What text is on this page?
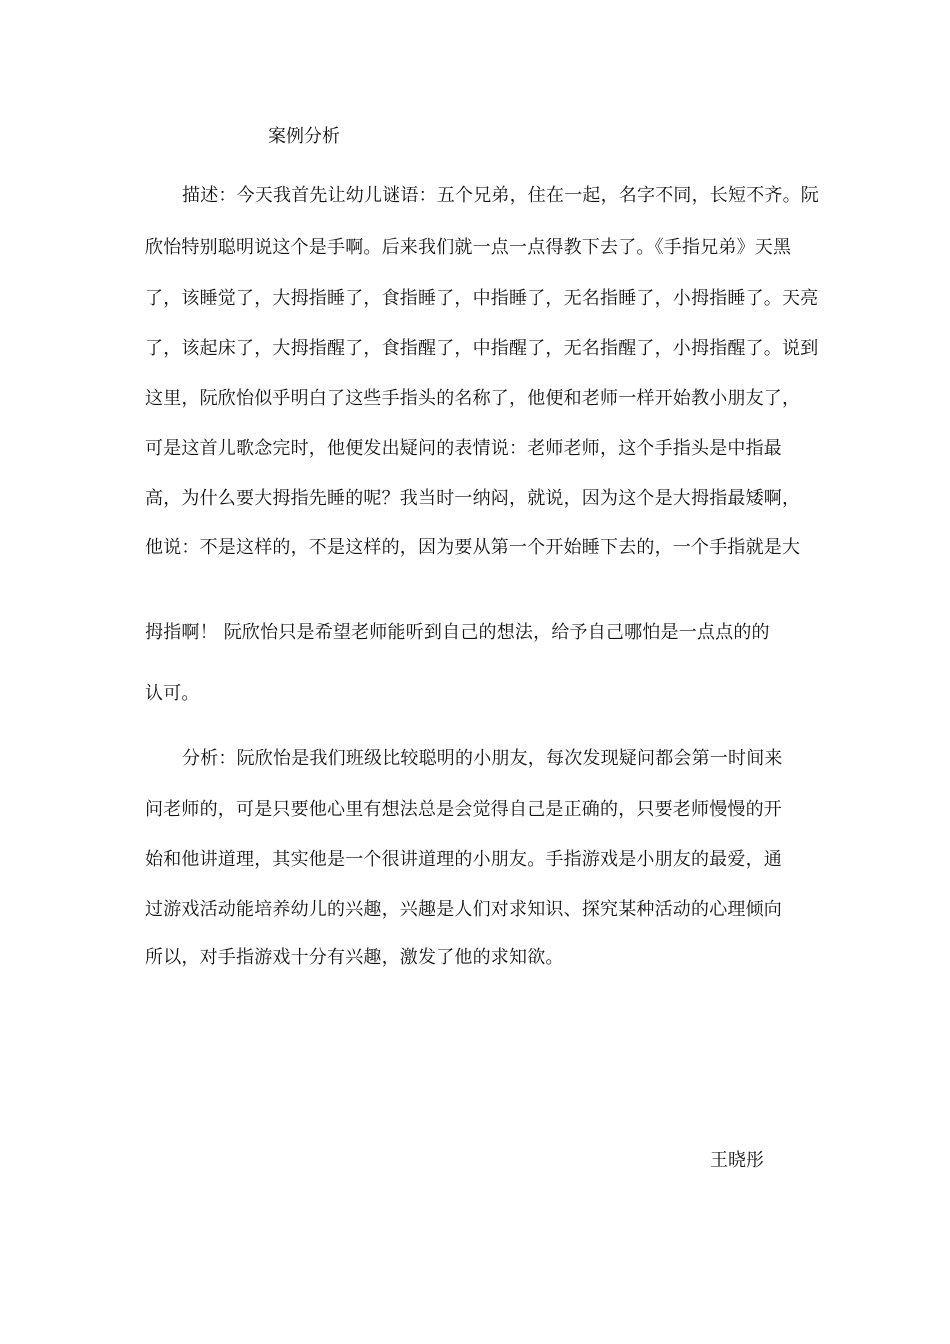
案例分析
描述：今天我首先让幼儿谜语：五个兄弟，住在一起，名字不同，长短不齐。阮
欣怡特别聪明说这个是手啊。后来我们就一点一点得教下去了。《手指兄弟》天黑
了，该睡觉了，大拇指睡了，食指睡了，中指睡了，无名指睡了，小拇指睡了。天亮
了，该起床了，大拇指醒了，食指醒了，中指醒了，无名指醒了，小拇指醒了。说到
这里，阮欣怡似乎明白了这些手指头的名称了，他便和老师一样开始教小朋友了，
可是这首儿歌念完时，他便发出疑问的表情说：老师老师，这个手指头是中指最
高，为什么要大拇指先睡的呢？我当时一纳闷，就说，因为这个是大拇指最矮啊，
他说：不是这样的，不是这样的，因为要从第一个开始睡下去的，一个手指就是大
拇指啊！ 阮欣怡只是希望老师能听到自己的想法，给予自己哪怕是一点点的的
认可。
分析：阮欣怡是我们班级比较聪明的小朋友，每次发现疑问都会第一时间来
问老师的，可是只要他心里有想法总是会觉得自己是正确的，只要老师慢慢的开
始和他讲道理，其实他是一个很讲道理的小朋友。手指游戏是小朋友的最爱，通
过游戏活动能培养幼儿的兴趣，兴趣是人们对求知识、探究某种活动的心理倾向
所以，对手指游戏十分有兴趣，激发了他的求知欲。
王晓彤
